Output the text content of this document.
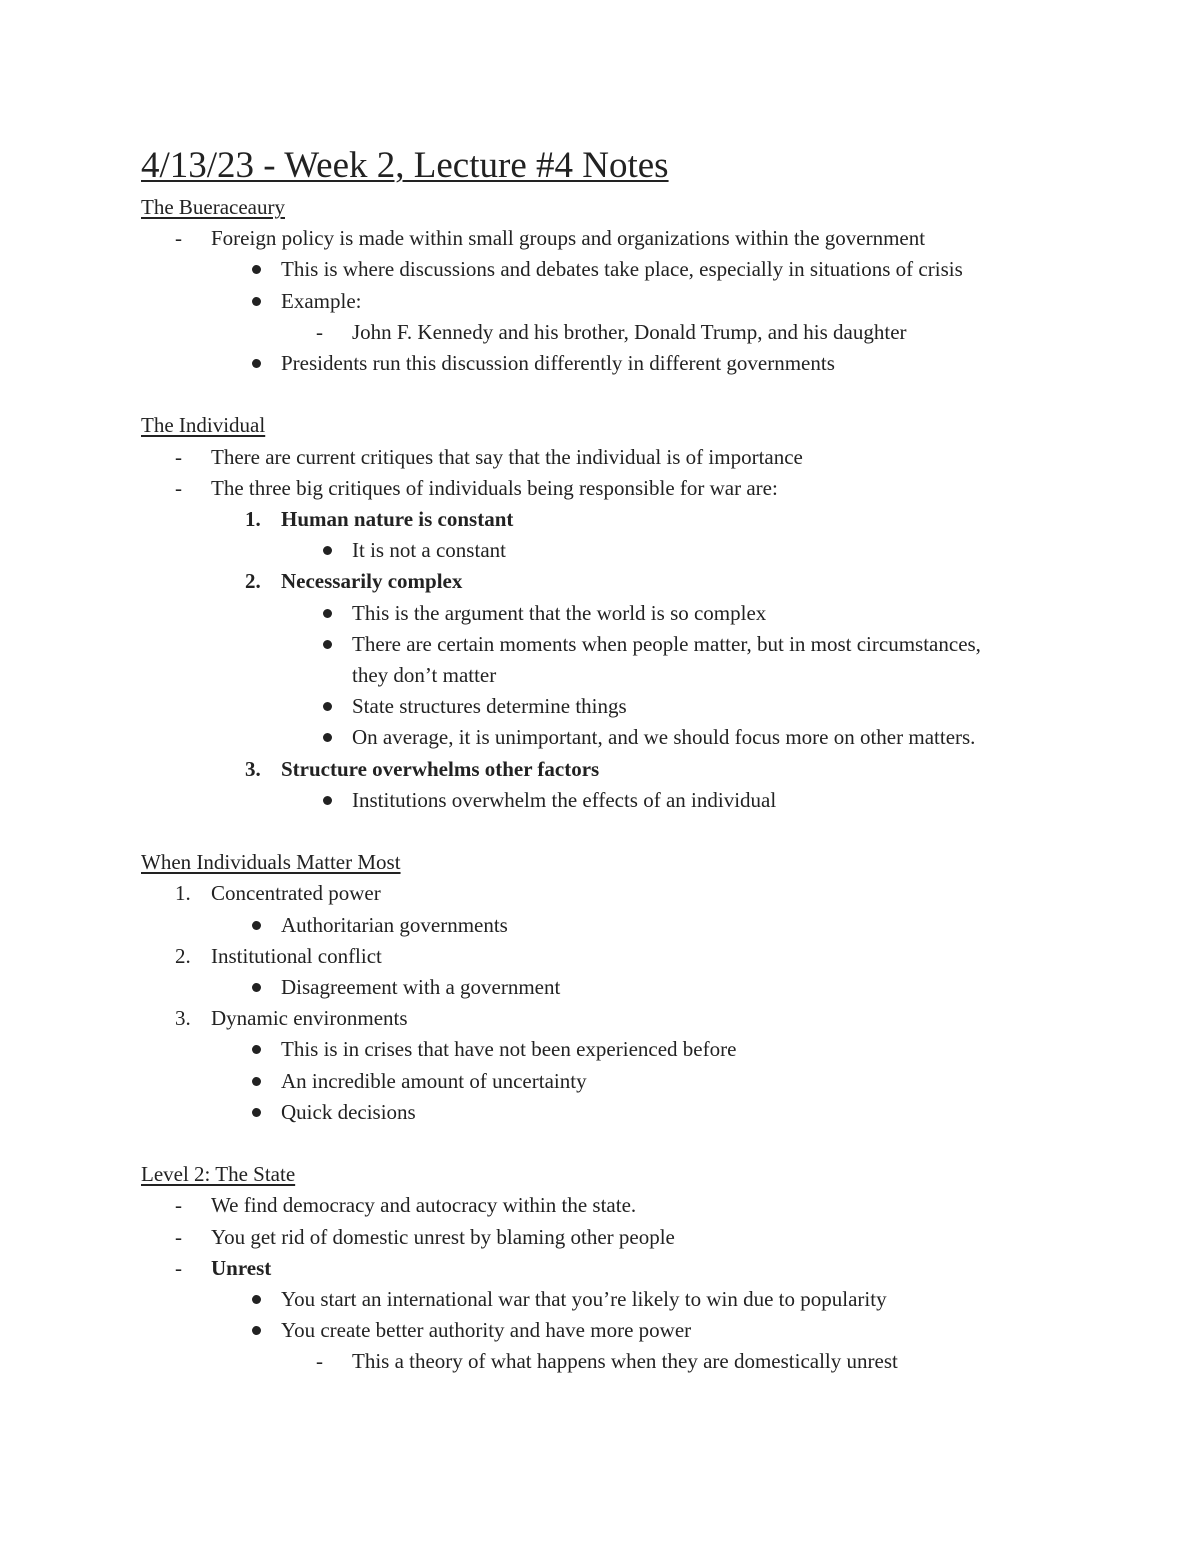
4/13/23 - Week 2, Lecture #4 Notes
The Bueraceaury
-	Foreign policy is made within small groups and organizations within the government
This is where discussions and debates take place, especially in situations of crisis
Example:
-	John F. Kennedy and his brother, Donald Trump, and his daughter
Presidents run this discussion differently in different governments
The Individual
-	There are current critiques that say that the individual is of importance
-	The three big critiques of individuals being responsible for war are:
1. Human nature is constant
It is not a constant
2. Necessarily complex
This is the argument that the world is so complex
There are certain moments when people matter, but in most circumstances,
they don’t matter
State structures determine things
On average, it is unimportant, and we should focus more on other matters.
3. Structure overwhelms other factors
Institutions overwhelm the effects of an individual
When Individuals Matter Most
1. Concentrated power
Authoritarian governments
2. Institutional conflict
Disagreement with a government
3. Dynamic environments
This is in crises that have not been experienced before
An incredible amount of uncertainty
Quick decisions
Level 2: The State
-	We find democracy and autocracy within the state.
-	You get rid of domestic unrest by blaming other people
-	Unrest
You start an international war that you’re likely to win due to popularity
You create better authority and have more power
-	This a theory of what happens when they are domestically unrest
